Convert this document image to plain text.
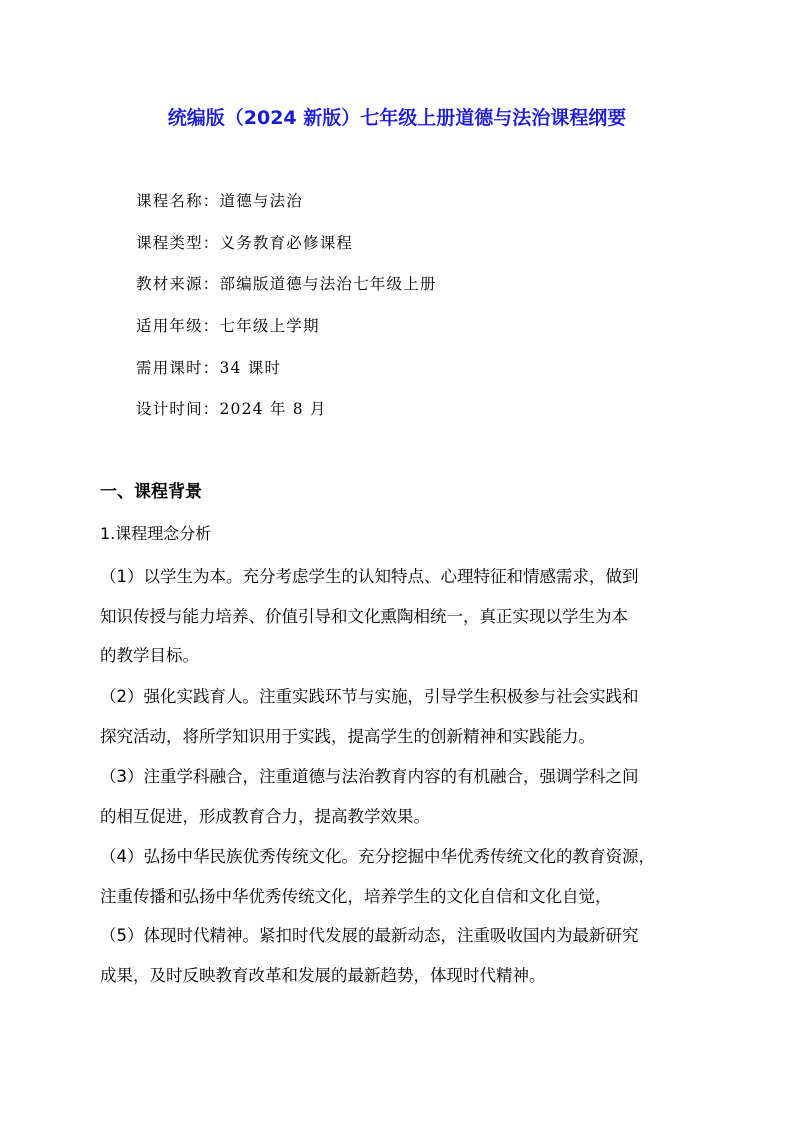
统编版（2024 新版）七年级上册道德与法治课程纲要
课程名称：道德与法治
课程类型：义务教育必修课程
教材来源：部编版道德与法治七年级上册
适用年级：七年级上学期
需用课时：34 课时
设计时间：2024 年 8 月
一、课程背景
1.课程理念分析
（1）以学生为本。充分考虑学生的认知特点、心理特征和情感需求，做到
知识传授与能力培养、价值引导和文化熏陶相统一，真正实现以学生为本
的教学目标。
（2）强化实践育人。注重实践环节与实施，引导学生积极参与社会实践和
探究活动，将所学知识用于实践，提高学生的创新精神和实践能力。
（3）注重学科融合，注重道德与法治教育内容的有机融合，强调学科之间
的相互促进，形成教育合力，提高教学效果。
（4）弘扬中华民族优秀传统文化。充分挖掘中华优秀传统文化的教育资源，
注重传播和弘扬中华优秀传统文化，培养学生的文化自信和文化自觉，
（5）体现时代精神。紧扣时代发展的最新动态，注重吸收国内为最新研究
成果，及时反映教育改革和发展的最新趋势，体现时代精神。
